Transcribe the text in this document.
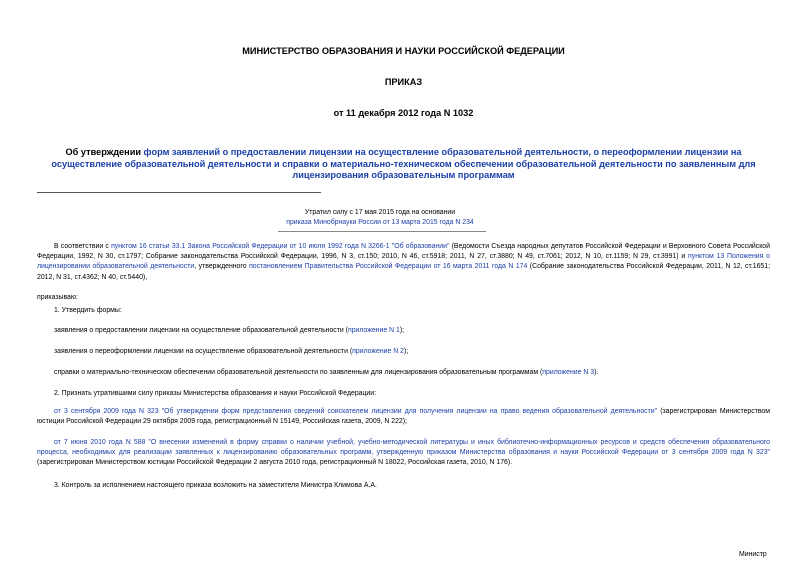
МИНИСТЕРСТВО ОБРАЗОВАНИЯ И НАУКИ РОССИЙСКОЙ ФЕДЕРАЦИИ
ПРИКАЗ
от 11 декабря 2012 года N 1032
Об утверждении форм заявлений о предоставлении лицензии на осуществление образовательной деятельности, о переоформлении лицензии на осуществление образовательной деятельности и справки о материально-техническом обеспечении образовательной деятельности по заявленным для лицензирования образовательным программам
Утратил силу с 17 мая 2015 года на основании
приказа Минобрнауки России от 13 марта 2015 года N 234
В соответствии с пунктом 16 статьи 33.1 Закона Российской Федерации от 10 июля 1992 года N 3266-1 "Об образовании" (Ведомости Съезда народных депутатов Российской Федерации и Верховного Совета Российской Федерации, 1992, N 30, ст.1797; Собрание законодательства Российской Федерации, 1996, N 3, ст.150; 2010, N 46, ст.5918; 2011, N 27, ст.3880; N 49, ст.7061; 2012, N 10, ст.1159; N 29, ст.3991) и пунктом 13 Положения о лицензировании образовательной деятельности, утвержденного постановлением Правительства Российской Федерации от 16 марта 2011 года N 174 (Собрание законодательства Российской Федерации, 2011, N 12, ст.1651; 2012, N 31, ст.4362; N 40, ст.5440),
приказываю:
1. Утвердить формы:
заявления о предоставлении лицензии на осуществление образовательной деятельности (приложение N 1);
заявления о переоформлении лицензии на осуществление образовательной деятельности (приложение N 2);
справки о материально-техническом обеспечении образовательной деятельности по заявленным для лицензирования образовательным программам (приложение N 3).
2. Признать утратившими силу приказы Министерства образования и науки Российской Федерации:
от 3 сентября 2009 года N 323 "Об утверждении форм представления сведений соискателем лицензии для получения лицензии на право ведения образовательной деятельности" (зарегистрирован Министерством юстиции Российской Федерации 29 октября 2009 года, регистрационный N 15149, Российская газета, 2009, N 222);
от 7 июня 2010 года N 588 "О внесении изменений в форму справки о наличии учебной, учебно-методической литературы и иных библиотечно-информационных ресурсов и средств обеспечения образовательного процесса, необходимых для реализации заявленных к лицензированию образовательных программ, утвержденную приказом Министерства образования и науки Российской Федерации от 3 сентября 2009 года N 323" (зарегистрирован Министерством юстиции Российской Федерации 2 августа 2010 года, регистрационный N 18022, Российская газета, 2010, N 176).
3. Контроль за исполнением настоящего приказа возложить на заместителя Министра Климова А.А.
Министр
